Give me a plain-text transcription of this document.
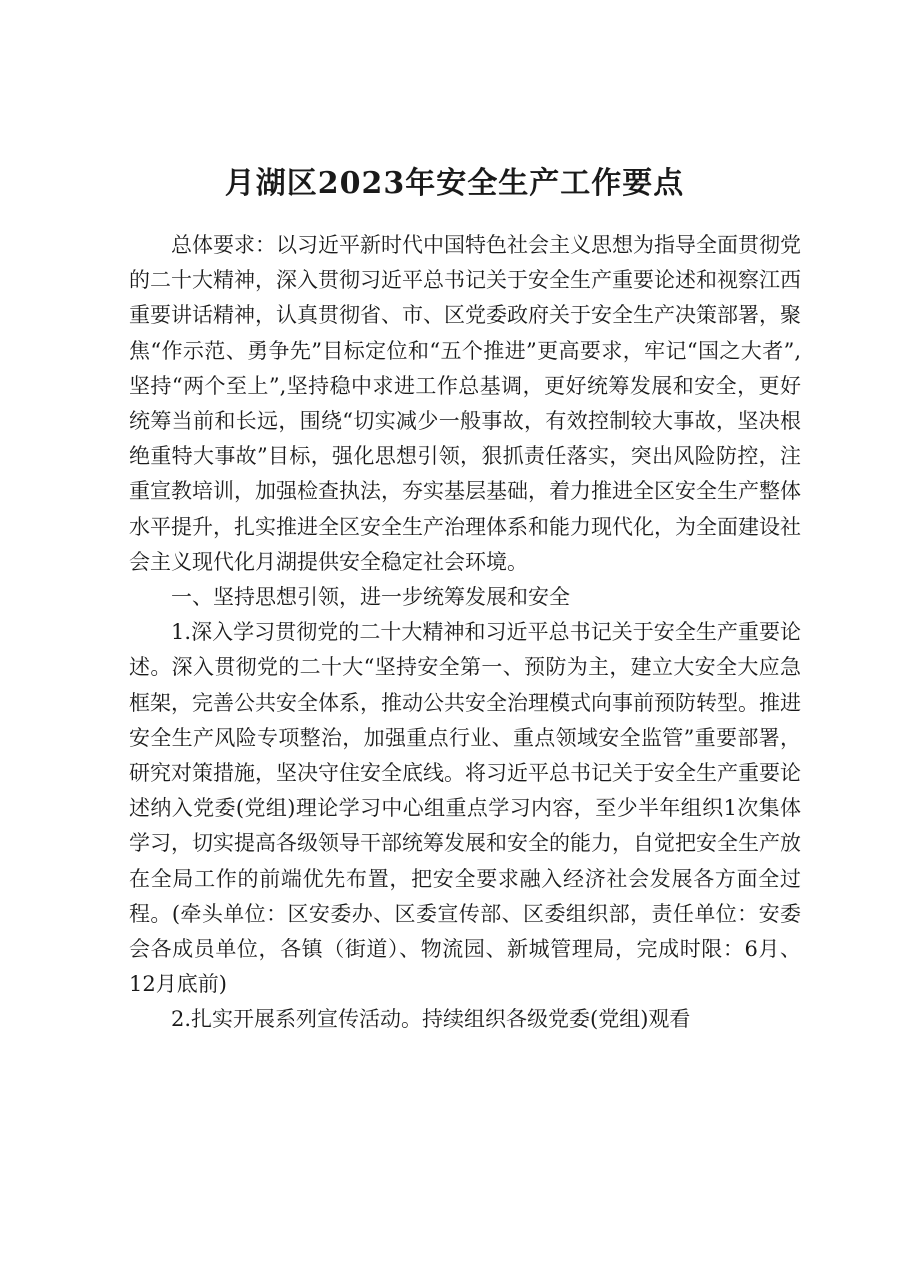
月湖区2023年安全生产工作要点

总体要求：以习近平新时代中国特色社会主义思想为指导全面贯彻党的二十大精神，深入贯彻习近平总书记关于安全生产重要论述和视察江西重要讲话精神，认真贯彻省、市、区党委政府关于安全生产决策部署，聚焦“作示范、勇争先”目标定位和“五个推进”更高要求，牢记“国之大者”,坚持“两个至上”,坚持稳中求进工作总基调，更好统筹发展和安全，更好统筹当前和长远，围绕“切实减少一般事故，有效控制较大事故，坚决根绝重特大事故”目标，强化思想引领，狠抓责任落实，突出风险防控，注重宣教培训，加强检查执法，夯实基层基础，着力推进全区安全生产整体水平提升，扎实推进全区安全生产治理体系和能力现代化，为全面建设社会主义现代化月湖提供安全稳定社会环境。

一、坚持思想引领，进一步统筹发展和安全

1.深入学习贯彻党的二十大精神和习近平总书记关于安全生产重要论述。深入贯彻党的二十大“坚持安全第一、预防为主，建立大安全大应急框架，完善公共安全体系，推动公共安全治理模式向事前预防转型。推进安全生产风险专项整治，加强重点行业、重点领域安全监管”重要部署，研究对策措施，坚决守住安全底线。将习近平总书记关于安全生产重要论述纳入党委(党组)理论学习中心组重点学习内容，至少半年组织1次集体学习，切实提高各级领导干部统筹发展和安全的能力，自觉把安全生产放在全局工作的前端优先布置，把安全要求融入经济社会发展各方面全过程。(牵头单位：区安委办、区委宣传部、区委组织部，责任单位：安委会各成员单位，各镇（街道）、物流园、新城管理局，完成时限：6月、12月底前)

2.扎实开展系列宣传活动。持续组织各级党委(党组)观看
